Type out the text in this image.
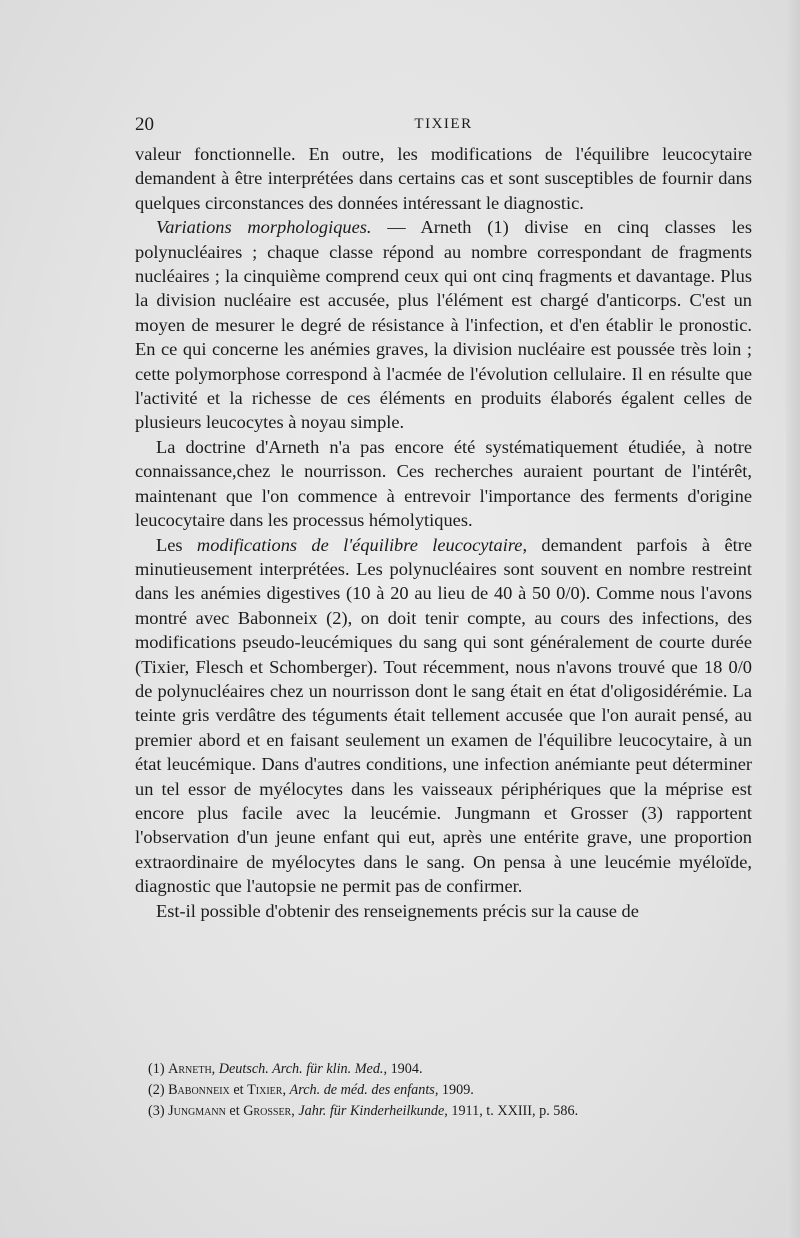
20	TIXIER

valeur fonctionnelle. En outre, les modifications de l'équilibre leucocytaire demandent à être interprétées dans certains cas et sont susceptibles de fournir dans quelques circonstances des données intéressant le diagnostic.

Variations morphologiques. — Arneth (1) divise en cinq classes les polynucléaires ; chaque classe répond au nombre correspondant de fragments nucléaires ; la cinquième comprend ceux qui ont cinq fragments et davantage. Plus la division nucléaire est accusée, plus l'élément est chargé d'anticorps. C'est un moyen de mesurer le degré de résistance à l'infection, et d'en établir le pronostic. En ce qui concerne les anémies graves, la division nucléaire est poussée très loin ; cette polymorphose correspond à l'acmée de l'évolution cellulaire. Il en résulte que l'activité et la richesse de ces éléments en produits élaborés égalent celles de plusieurs leucocytes à noyau simple.

La doctrine d'Arneth n'a pas encore été systématiquement étudiée, à notre connaissance,chez le nourrisson. Ces recherches auraient pourtant de l'intérêt, maintenant que l'on commence à entrevoir l'importance des ferments d'origine leucocytaire dans les processus hémolytiques.

Les modifications de l'équilibre leucocytaire, demandent parfois à être minutieusement interprétées. Les polynucléaires sont souvent en nombre restreint dans les anémies digestives (10 à 20 au lieu de 40 à 50 0/0). Comme nous l'avons montré avec Babonneix (2), on doit tenir compte, au cours des infections, des modifications pseudo-leucémiques du sang qui sont généralement de courte durée (Tixier, Flesch et Schomberger). Tout récemment, nous n'avons trouvé que 18 0/0 de polynucléaires chez un nourrisson dont le sang était en état d'oligosidérémie. La teinte gris verdâtre des téguments était tellement accusée que l'on aurait pensé, au premier abord et en faisant seulement un examen de l'équilibre leucocytaire, à un état leucémique. Dans d'autres conditions, une infection anémiante peut déterminer un tel essor de myélocytes dans les vaisseaux périphériques que la méprise est encore plus facile avec la leucémie. Jungmann et Grosser (3) rapportent l'observation d'un jeune enfant qui eut, après une entérite grave, une proportion extraordinaire de myélocytes dans le sang. On pensa à une leucémie myéloïde, diagnostic que l'autopsie ne permit pas de confirmer.

Est-il possible d'obtenir des renseignements précis sur la cause de

(1) Arneth, Deutsch. Arch. für klin. Med., 1904.

(2) Babonneix et Tixier, Arch. de méd. des enfants, 1909.

(3) Jungmann et Grosser, Jahr. für Kinderheilkunde, 1911, t. XXIII, p. 586.
